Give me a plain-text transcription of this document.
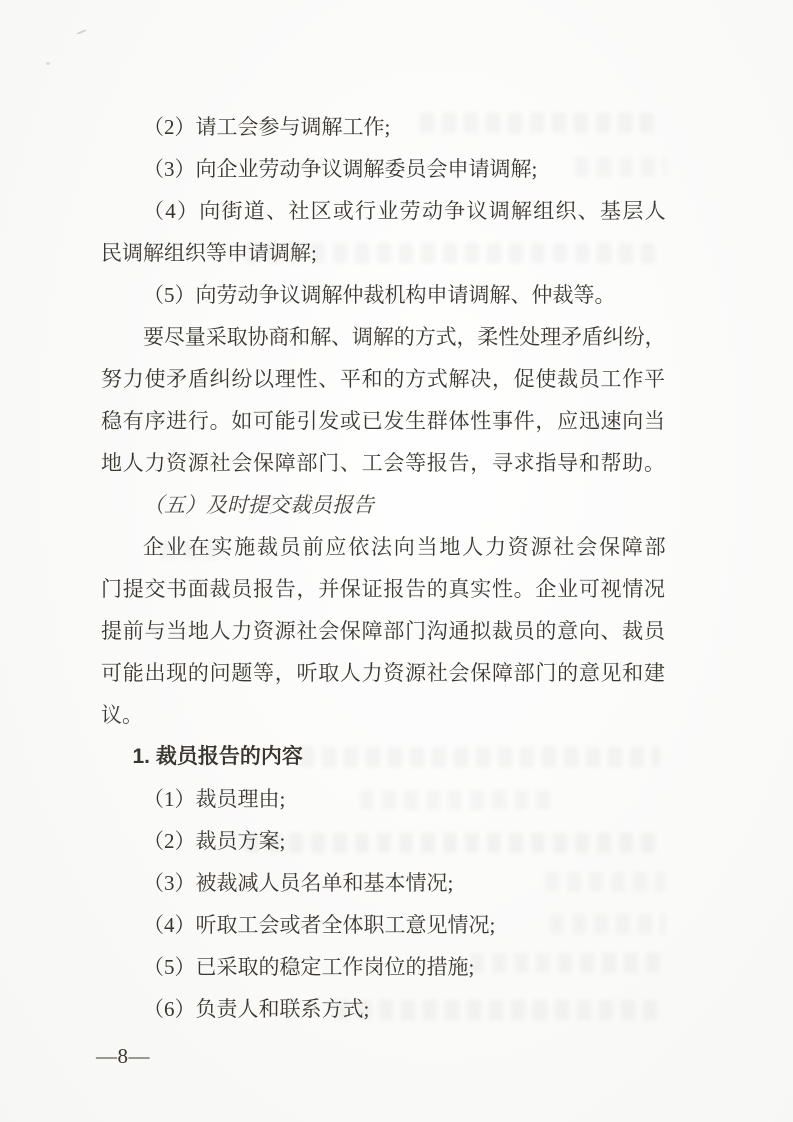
（2）请工会参与调解工作;
（3）向企业劳动争议调解委员会申请调解;
（4）向街道、社区或行业劳动争议调解组织、基层人
民调解组织等申请调解;
（5）向劳动争议调解仲裁机构申请调解、仲裁等。
要尽量采取协商和解、调解的方式，柔性处理矛盾纠纷，
努力使矛盾纠纷以理性、平和的方式解决，促使裁员工作平
稳有序进行。如可能引发或已发生群体性事件，应迅速向当
地人力资源社会保障部门、工会等报告，寻求指导和帮助。
（五）及时提交裁员报告
企业在实施裁员前应依法向当地人力资源社会保障部
门提交书面裁员报告，并保证报告的真实性。企业可视情况
提前与当地人力资源社会保障部门沟通拟裁员的意向、裁员
可能出现的问题等，听取人力资源社会保障部门的意见和建
议。
1. 裁员报告的内容
（1）裁员理由;
（2）裁员方案;
（3）被裁减人员名单和基本情况;
（4）听取工会或者全体职工意见情况;
（5）已采取的稳定工作岗位的措施;
（6）负责人和联系方式;
—8—
